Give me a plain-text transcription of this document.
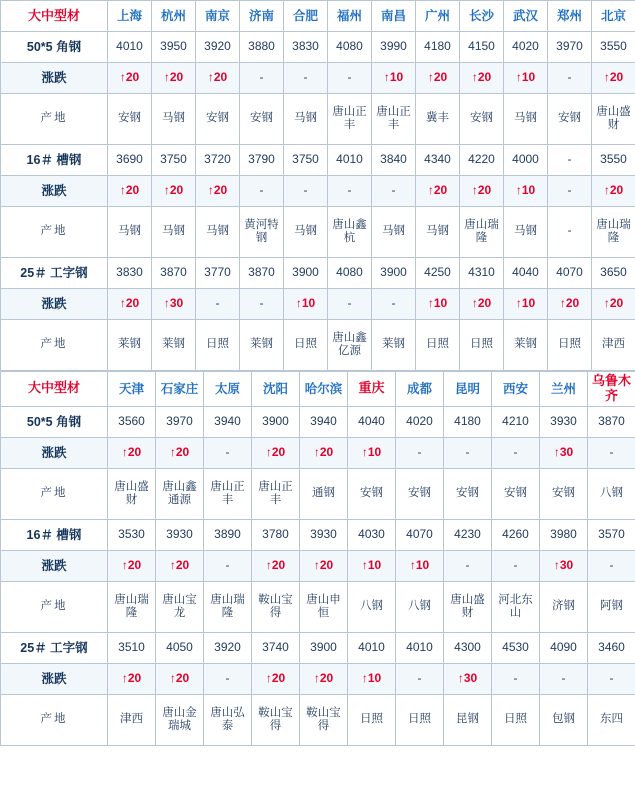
大中型材	上海	杭州	南京	济南	合肥	福州	南昌	广州	长沙	武汉	郑州	北京
50*5 角钢	4010	3950	3920	3880	3830	4080	3990	4180	4150	4020	3970	3550
涨跌	↑20	↑20	↑20	-	-	-	↑10	↑20	↑20	↑10	-	↑20
产地	安钢	马钢	安钢	安钢	马钢	唐山正丰	唐山正丰	冀丰	安钢	马钢	安钢	唐山盛财
16＃ 槽钢	3690	3750	3720	3790	3750	4010	3840	4340	4220	4000	-	3550
涨跌	↑20	↑20	↑20	-	-	-	-	↑20	↑20	↑10	-	↑20
产地	马钢	马钢	马钢	黄河特钢	马钢	唐山鑫杭	马钢	马钢	唐山瑞隆	马钢	-	唐山瑞隆
25＃ 工字钢	3830	3870	3770	3870	3900	4080	3900	4250	4310	4040	4070	3650
涨跌	↑20	↑30	-	-	↑10	-	-	↑10	↑20	↑10	↑20	↑20
产地	莱钢	莱钢	日照	莱钢	日照	唐山鑫亿源	莱钢	日照	日照	莱钢	日照	津西
大中型材	天津	石家庄	太原	沈阳	哈尔滨	重庆	成都	昆明	西安	兰州	乌鲁木齐
50*5 角钢	3560	3970	3940	3900	3940	4040	4020	4180	4210	3930	3870
涨跌	↑20	↑20	-	↑20	↑20	↑10	-	-	-	↑30	-
产地	唐山盛财	唐山鑫通源	唐山正丰	唐山正丰	通钢	安钢	安钢	安钢	安钢	安钢	八钢
16＃ 槽钢	3530	3930	3890	3780	3930	4030	4070	4230	4260	3980	3570
涨跌	↑20	↑20	-	↑20	↑20	↑10	↑10	-	-	↑30	-
产地	唐山瑞隆	唐山宝龙	唐山瑞隆	鞍山宝得	唐山申恒	八钢	八钢	唐山盛财	河北东山	济钢	阿钢
25＃ 工字钢	3510	4050	3920	3740	3900	4010	4010	4300	4530	4090	3460
涨跌	↑20	↑20	-	↑20	↑20	↑10	-	↑30	-	-	-
产地	津西	唐山金瑞城	唐山弘泰	鞍山宝得	鞍山宝得	日照	日照	昆钢	日照	包钢	东四
